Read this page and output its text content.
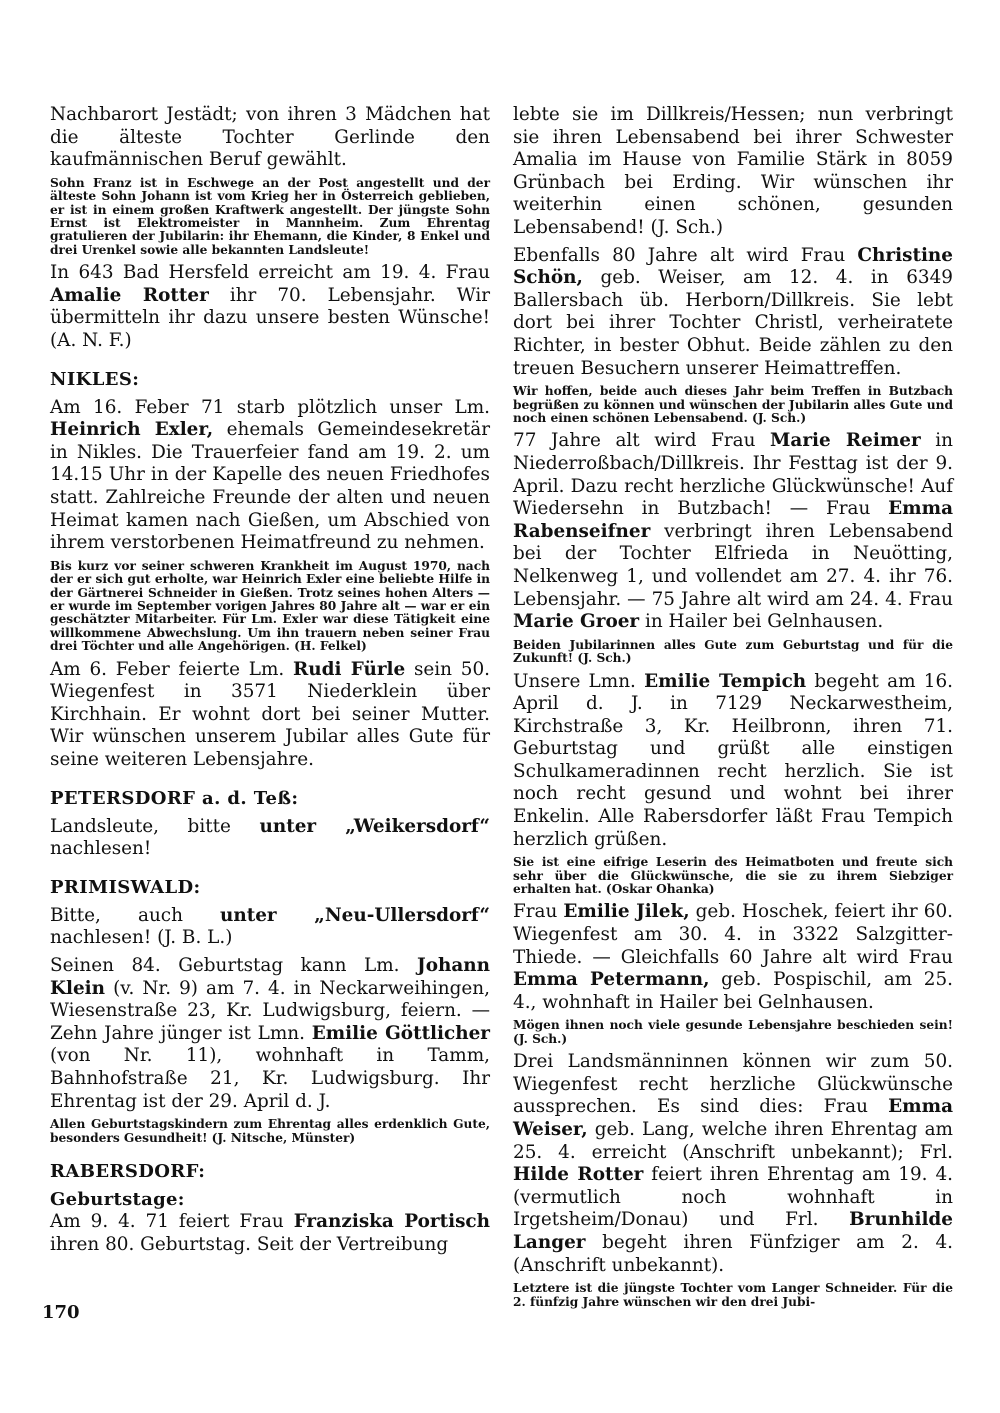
Nachbarort Jestädt; von ihren 3 Mädchen hat die älteste Tochter Gerlinde den kaufmännischen Beruf gewählt.

Sohn Franz ist in Eschwege an der Post angestellt und der älteste Sohn Johann ist vom Krieg her in Österreich geblieben, er ist in einem großen Kraftwerk angestellt. Der jüngste Sohn Ernst ist Elektromeister in Mannheim. Zum Ehrentag gratulieren der Jubilarin: ihr Ehemann, die Kinder, 8 Enkel und drei Urenkel sowie alle bekannten Landsleute!

In 643 Bad Hersfeld erreicht am 19. 4. Frau Amalie Rotter ihr 70. Lebensjahr. Wir übermitteln ihr dazu unsere besten Wünsche! (A. N. F.)

NIKLES:

Am 16. Feber 71 starb plötzlich unser Lm. Heinrich Exler, ehemals Gemeindesekretär in Nikles. Die Trauerfeier fand am 19. 2. um 14.15 Uhr in der Kapelle des neuen Friedhofes statt. Zahlreiche Freunde der alten und neuen Heimat kamen nach Gießen, um Abschied von ihrem verstorbenen Heimatfreund zu nehmen.

Bis kurz vor seiner schweren Krankheit im August 1970, nach der er sich gut erholte, war Heinrich Exler eine beliebte Hilfe in der Gärtnerei Schneider in Gießen. Trotz seines hohen Alters — er wurde im September vorigen Jahres 80 Jahre alt — war er ein geschätzter Mitarbeiter. Für Lm. Exler war diese Tätigkeit eine willkommene Abwechslung. Um ihn trauern neben seiner Frau drei Töchter und alle Angehörigen. (H. Felkel)

Am 6. Feber feierte Lm. Rudi Fürle sein 50. Wiegenfest in 3571 Niederklein über Kirchhain. Er wohnt dort bei seiner Mutter. Wir wünschen unserem Jubilar alles Gute für seine weiteren Lebensjahre.

PETERSDORF a. d. Teß:

Landsleute, bitte unter „Weikersdorf“ nachlesen!

PRIMISWALD:

Bitte, auch unter „Neu-Ullersdorf“ nachlesen! (J. B. L.)

Seinen 84. Geburtstag kann Lm. Johann Klein (v. Nr. 9) am 7. 4. in Neckarweihingen, Wiesenstraße 23, Kr. Ludwigsburg, feiern. — Zehn Jahre jünger ist Lmn. Emilie Göttlicher (von Nr. 11), wohnhaft in Tamm, Bahnhofstraße 21, Kr. Ludwigsburg. Ihr Ehrentag ist der 29. April d. J.

Allen Geburtstagskindern zum Ehrentag alles erdenklich Gute, besonders Gesundheit! (J. Nitsche, Münster)

RABERSDORF:

Geburtstage:

Am 9. 4. 71 feiert Frau Franziska Portisch ihren 80. Geburtstag. Seit der Vertreibung

lebte sie im Dillkreis/Hessen; nun verbringt sie ihren Lebensabend bei ihrer Schwester Amalia im Hause von Familie Stärk in 8059 Grünbach bei Erding. Wir wünschen ihr weiterhin einen schönen, gesunden Lebensabend! (J. Sch.)

Ebenfalls 80 Jahre alt wird Frau Christine Schön, geb. Weiser, am 12. 4. in 6349 Ballersbach üb. Herborn/Dillkreis. Sie lebt dort bei ihrer Tochter Christl, verheiratete Richter, in bester Obhut. Beide zählen zu den treuen Besuchern unserer Heimattreffen.

Wir hoffen, beide auch dieses Jahr beim Treffen in Butzbach begrüßen zu können und wünschen der Jubilarin alles Gute und noch einen schönen Lebensabend. (J. Sch.)

77 Jahre alt wird Frau Marie Reimer in Niederroßbach/Dillkreis. Ihr Festtag ist der 9. April. Dazu recht herzliche Glückwünsche! Auf Wiedersehn in Butzbach! — Frau Emma Rabenseifner verbringt ihren Lebensabend bei der Tochter Elfrieda in Neuötting, Nelkenweg 1, und vollendet am 27. 4. ihr 76. Lebensjahr. — 75 Jahre alt wird am 24. 4. Frau Marie Groer in Hailer bei Gelnhausen.

Beiden Jubilarinnen alles Gute zum Geburtstag und für die Zukunft! (J. Sch.)

Unsere Lmn. Emilie Tempich begeht am 16. April d. J. in 7129 Neckarwestheim, Kirchstraße 3, Kr. Heilbronn, ihren 71. Geburtstag und grüßt alle einstigen Schulkameradinnen recht herzlich. Sie ist noch recht gesund und wohnt bei ihrer Enkelin. Alle Rabersdorfer läßt Frau Tempich herzlich grüßen.

Sie ist eine eifrige Leserin des Heimatboten und freute sich sehr über die Glückwünsche, die sie zu ihrem Siebziger erhalten hat. (Oskar Ohanka)

Frau Emilie Jilek, geb. Hoschek, feiert ihr 60. Wiegenfest am 30. 4. in 3322 Salzgitter-Thiede. — Gleichfalls 60 Jahre alt wird Frau Emma Petermann, geb. Pospischil, am 25. 4., wohnhaft in Hailer bei Gelnhausen.

Mögen ihnen noch viele gesunde Lebensjahre beschieden sein! (J. Sch.)

Drei Landsmänninnen können wir zum 50. Wiegenfest recht herzliche Glückwünsche aussprechen. Es sind dies: Frau Emma Weiser, geb. Lang, welche ihren Ehrentag am 25. 4. erreicht (Anschrift unbekannt); Frl. Hilde Rotter feiert ihren Ehrentag am 19. 4. (vermutlich noch wohnhaft in Irgetsheim/Donau) und Frl. Brunhilde Langer begeht ihren Fünfziger am 2. 4. (Anschrift unbekannt).

Letztere ist die jüngste Tochter vom Langer Schneider. Für die 2. fünfzig Jahre wünschen wir den drei Jubi-

170
